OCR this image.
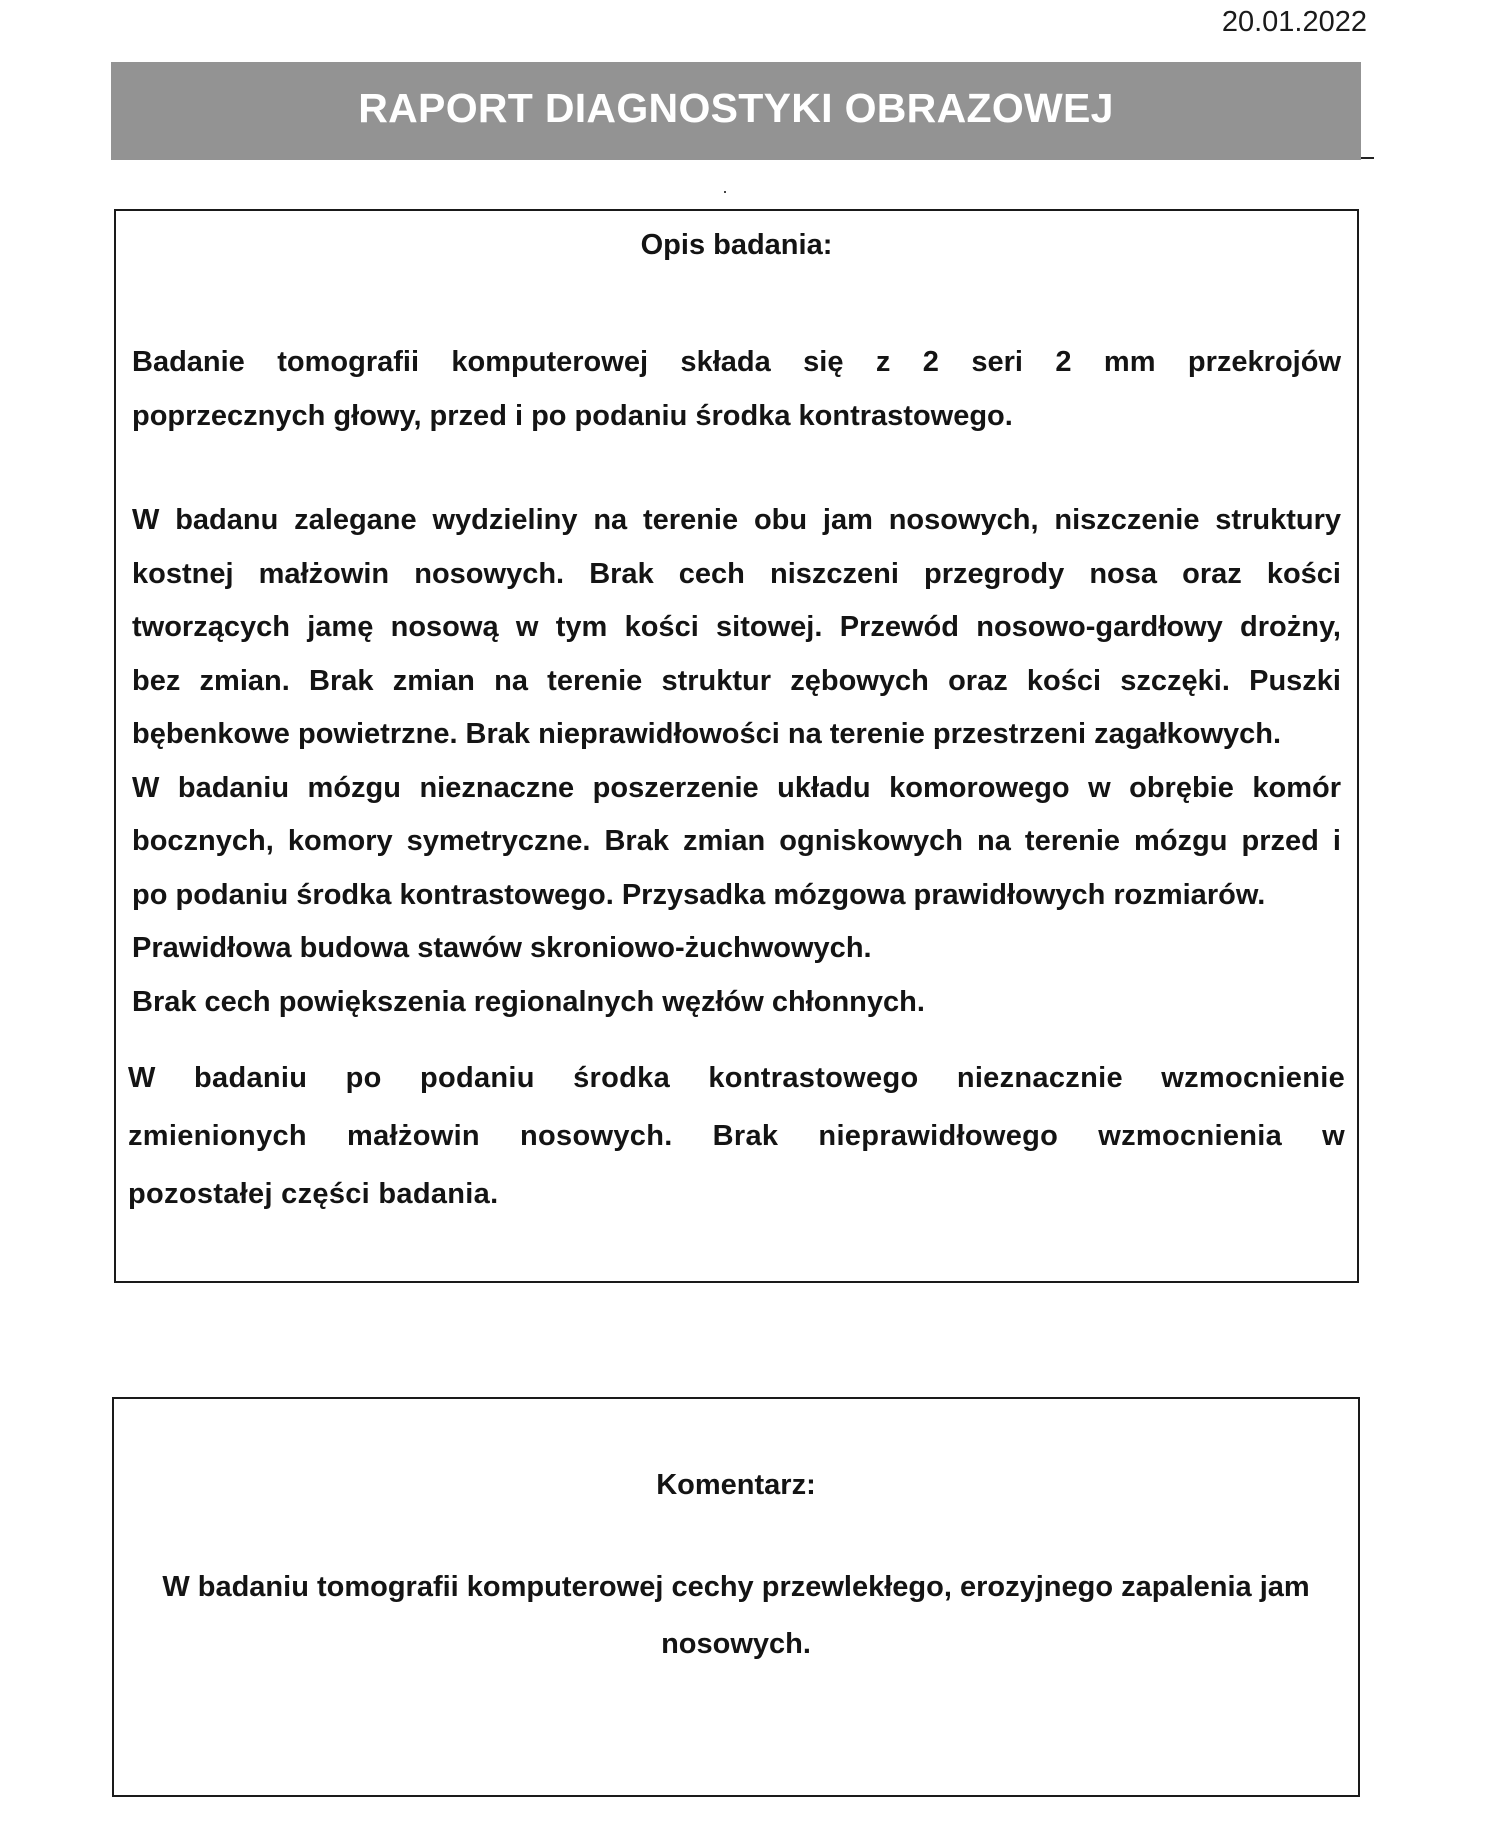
20.01.2022
RAPORT DIAGNOSTYKI OBRAZOWEJ
Opis badania:
Badanie tomografii komputerowej składa się z 2 seri 2 mm przekrojów
poprzecznych głowy, przed i po podaniu środka kontrastowego.
W badanu zalegane wydzieliny na terenie obu jam nosowych, niszczenie struktury
kostnej małżowin nosowych. Brak cech niszczeni przegrody nosa oraz kości
tworzących jamę nosową w tym kości sitowej. Przewód nosowo-gardłowy drożny,
bez zmian. Brak zmian na terenie struktur zębowych oraz kości szczęki. Puszki
bębenkowe powietrzne. Brak nieprawidłowości na terenie przestrzeni zagałkowych.
W badaniu mózgu nieznaczne poszerzenie układu komorowego w obrębie komór
bocznych, komory symetryczne. Brak zmian ogniskowych na terenie mózgu przed i
po podaniu środka kontrastowego. Przysadka mózgowa prawidłowych rozmiarów.
Prawidłowa budowa stawów skroniowo-żuchwowych.
Brak cech powiększenia regionalnych węzłów chłonnych.
W badaniu po podaniu środka kontrastowego nieznacznie wzmocnienie
zmienionych małżowin nosowych. Brak nieprawidłowego wzmocnienia w
pozostałej części badania.
Komentarz:
W badaniu tomografii komputerowej cechy przewlekłego, erozyjnego zapalenia jam
nosowych.
